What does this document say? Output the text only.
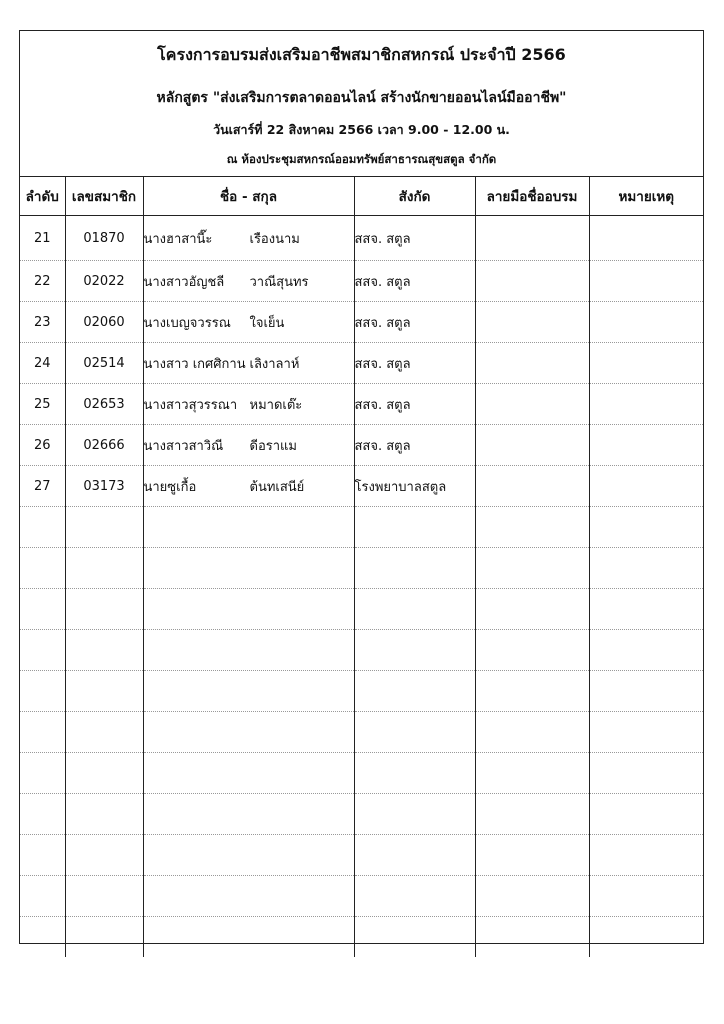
โครงการอบรมส่งเสริมอาชีพสมาชิกสหกรณ์ ประจำปี 2566
หลักสูตร "ส่งเสริมการตลาดออนไลน์ สร้างนักขายออนไลน์มืออาชีพ"
วันเสาร์ที่ 22 สิงหาคม 2566 เวลา 9.00 - 12.00 น.
ณ ห้องประชุมสหกรณ์ออมทรัพย์สาธารณสุขสตูล จำกัด
ลำดับ	เลขสมาชิก	ชื่อ - สกุล	สังกัด	ลายมือชื่ออบรม	หมายเหตุ
21	01870	นางฮาสานี๊ะ เรืองนาม	สสจ. สตูล		
22	02022	นางสาวอัญชลี วาณีสุนทร	สสจ. สตูล		
23	02060	นางเบญจวรรณ ใจเย็น	สสจ. สตูล		
24	02514	นางสาว เกศศิกาน เลิงาลาห์	สสจ. สตูล		
25	02653	นางสาวสุวรรณา หมาดเต๊ะ	สสจ. สตูล		
26	02666	นางสาวสาวิณี ดีอราแม	สสจ. สตูล		
27	03173	นายซูเกื้อ ต้นทเสนีย์	โรงพยาบาลสตูล		
